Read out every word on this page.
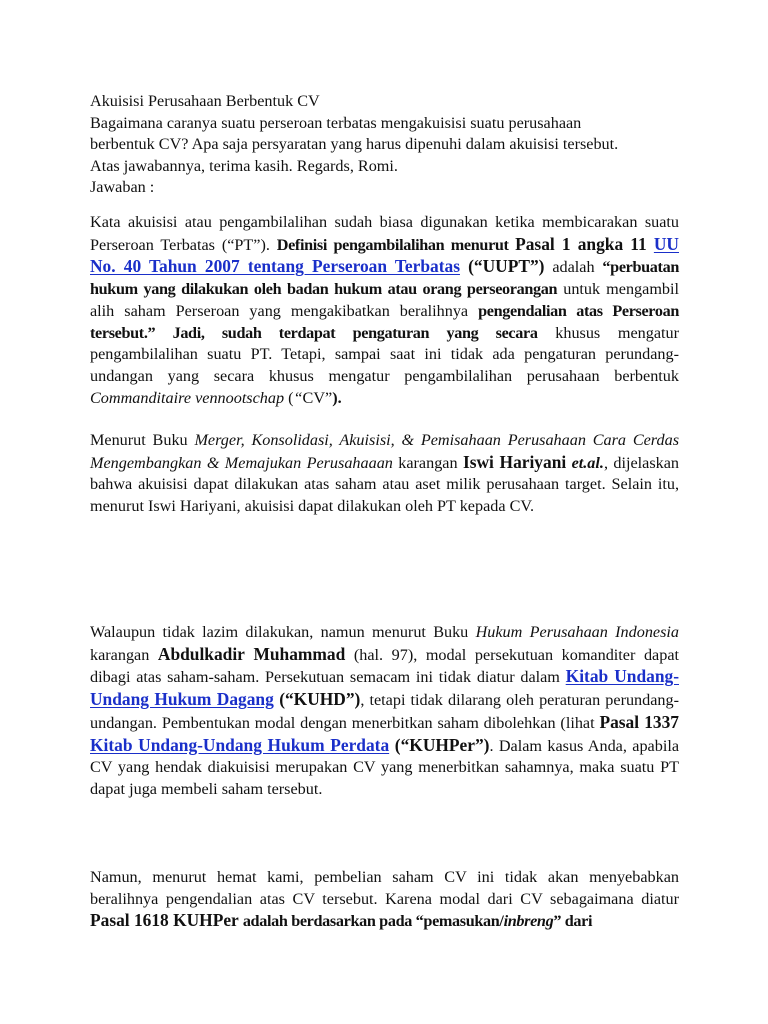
Akuisisi Perusahaan Berbentuk CV
Bagaimana caranya suatu perseroan terbatas mengakuisisi suatu perusahaan
berbentuk CV? Apa saja persyaratan yang harus dipenuhi dalam akuisisi tersebut.
Atas jawabannya, terima kasih. Regards, Romi.
Jawaban :
Kata akuisisi atau pengambilalihan sudah biasa digunakan ketika membicarakan suatu Perseroan Terbatas (“PT”). Definisi pengambilalihan menurut Pasal 1 angka 11 UU No. 40 Tahun 2007 tentang Perseroan Terbatas (“UUPT”) adalah “perbuatan hukum yang dilakukan oleh badan hukum atau orang perseorangan untuk mengambil alih saham Perseroan yang mengakibatkan beralihnya pengendalian atas Perseroan tersebut.” Jadi, sudah terdapat pengaturan yang secara khusus mengatur pengambilalihan suatu PT. Tetapi, sampai saat ini tidak ada pengaturan perundang-undangan yang secara khusus mengatur pengambilalihan perusahaan berbentuk Commanditaire vennootschap (“CV”).
Menurut Buku Merger, Konsolidasi, Akuisisi, & Pemisahaan Perusahaan Cara Cerdas Mengembangkan & Memajukan Perusahaaan karangan Iswi Hariyani et.al., dijelaskan bahwa akuisisi dapat dilakukan atas saham atau aset milik perusahaan target. Selain itu, menurut Iswi Hariyani, akuisisi dapat dilakukan oleh PT kepada CV.
Walaupun tidak lazim dilakukan, namun menurut Buku Hukum Perusahaan Indonesia karangan Abdulkadir Muhammad (hal. 97), modal persekutuan komanditer dapat dibagi atas saham-saham. Persekutuan semacam ini tidak diatur dalam Kitab Undang-Undang Hukum Dagang (“KUHD”), tetapi tidak dilarang oleh peraturan perundang-undangan. Pembentukan modal dengan menerbitkan saham dibolehkan (lihat Pasal 1337 Kitab Undang-Undang Hukum Perdata (“KUHPer”). Dalam kasus Anda, apabila CV yang hendak diakuisisi merupakan CV yang menerbitkan sahamnya, maka suatu PT dapat juga membeli saham tersebut.
Namun, menurut hemat kami, pembelian saham CV ini tidak akan menyebabkan beralihnya pengendalian atas CV tersebut. Karena modal dari CV sebagaimana diatur Pasal 1618 KUHPer adalah berdasarkan pada “pemasukan/inbreng” dari
